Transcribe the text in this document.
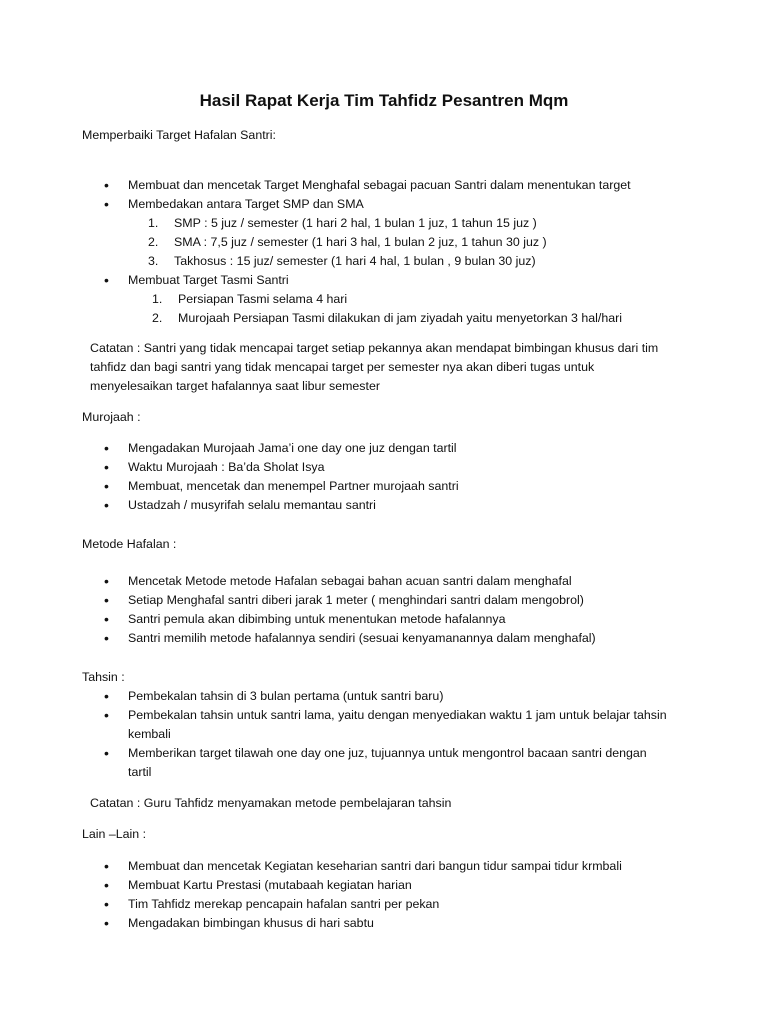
Hasil Rapat Kerja Tim Tahfidz Pesantren Mqm
Memperbaiki Target Hafalan Santri:
• Membuat dan mencetak Target Menghafal sebagai pacuan Santri dalam menentukan target
• Membedakan antara Target SMP dan SMA
1. SMP : 5 juz / semester (1 hari 2 hal, 1 bulan 1 juz, 1 tahun 15 juz )
2. SMA : 7,5 juz / semester (1 hari 3 hal, 1 bulan 2 juz, 1 tahun 30 juz )
3. Takhosus : 15 juz/ semester (1 hari 4 hal, 1 bulan , 9 bulan 30 juz)
• Membuat Target Tasmi Santri
1. Persiapan Tasmi selama 4 hari
2. Murojaah Persiapan Tasmi dilakukan di jam ziyadah yaitu menyetorkan 3 hal/hari
Catatan : Santri yang tidak mencapai target setiap pekannya akan mendapat bimbingan khusus dari tim tahfidz dan bagi santri yang tidak mencapai target per semester nya akan diberi tugas untuk menyelesaikan target hafalannya saat libur semester
Murojaah :
• Mengadakan Murojaah Jama’i one day one juz dengan tartil
• Waktu Murojaah : Ba’da Sholat Isya
• Membuat, mencetak dan menempel Partner murojaah santri
• Ustadzah / musyrifah selalu memantau santri
Metode Hafalan :
• Mencetak Metode metode Hafalan sebagai bahan acuan santri dalam menghafal
• Setiap Menghafal santri diberi jarak 1 meter ( menghindari santri dalam mengobrol)
• Santri pemula akan dibimbing untuk menentukan metode hafalannya
• Santri memilih metode hafalannya sendiri (sesuai kenyamanannya dalam menghafal)
Tahsin :
• Pembekalan tahsin di 3 bulan pertama (untuk santri baru)
• Pembekalan tahsin untuk santri lama, yaitu dengan menyediakan waktu 1 jam untuk belajar tahsin kembali
• Memberikan target tilawah one day one juz, tujuannya untuk mengontrol bacaan santri dengan tartil
Catatan : Guru Tahfidz menyamakan metode pembelajaran tahsin
Lain –Lain :
• Membuat dan mencetak Kegiatan keseharian santri dari bangun tidur sampai tidur krmbali
• Membuat Kartu Prestasi (mutabaah kegiatan harian
• Tim Tahfidz merekap pencapain hafalan santri per pekan
• Mengadakan bimbingan khusus di hari sabtu
